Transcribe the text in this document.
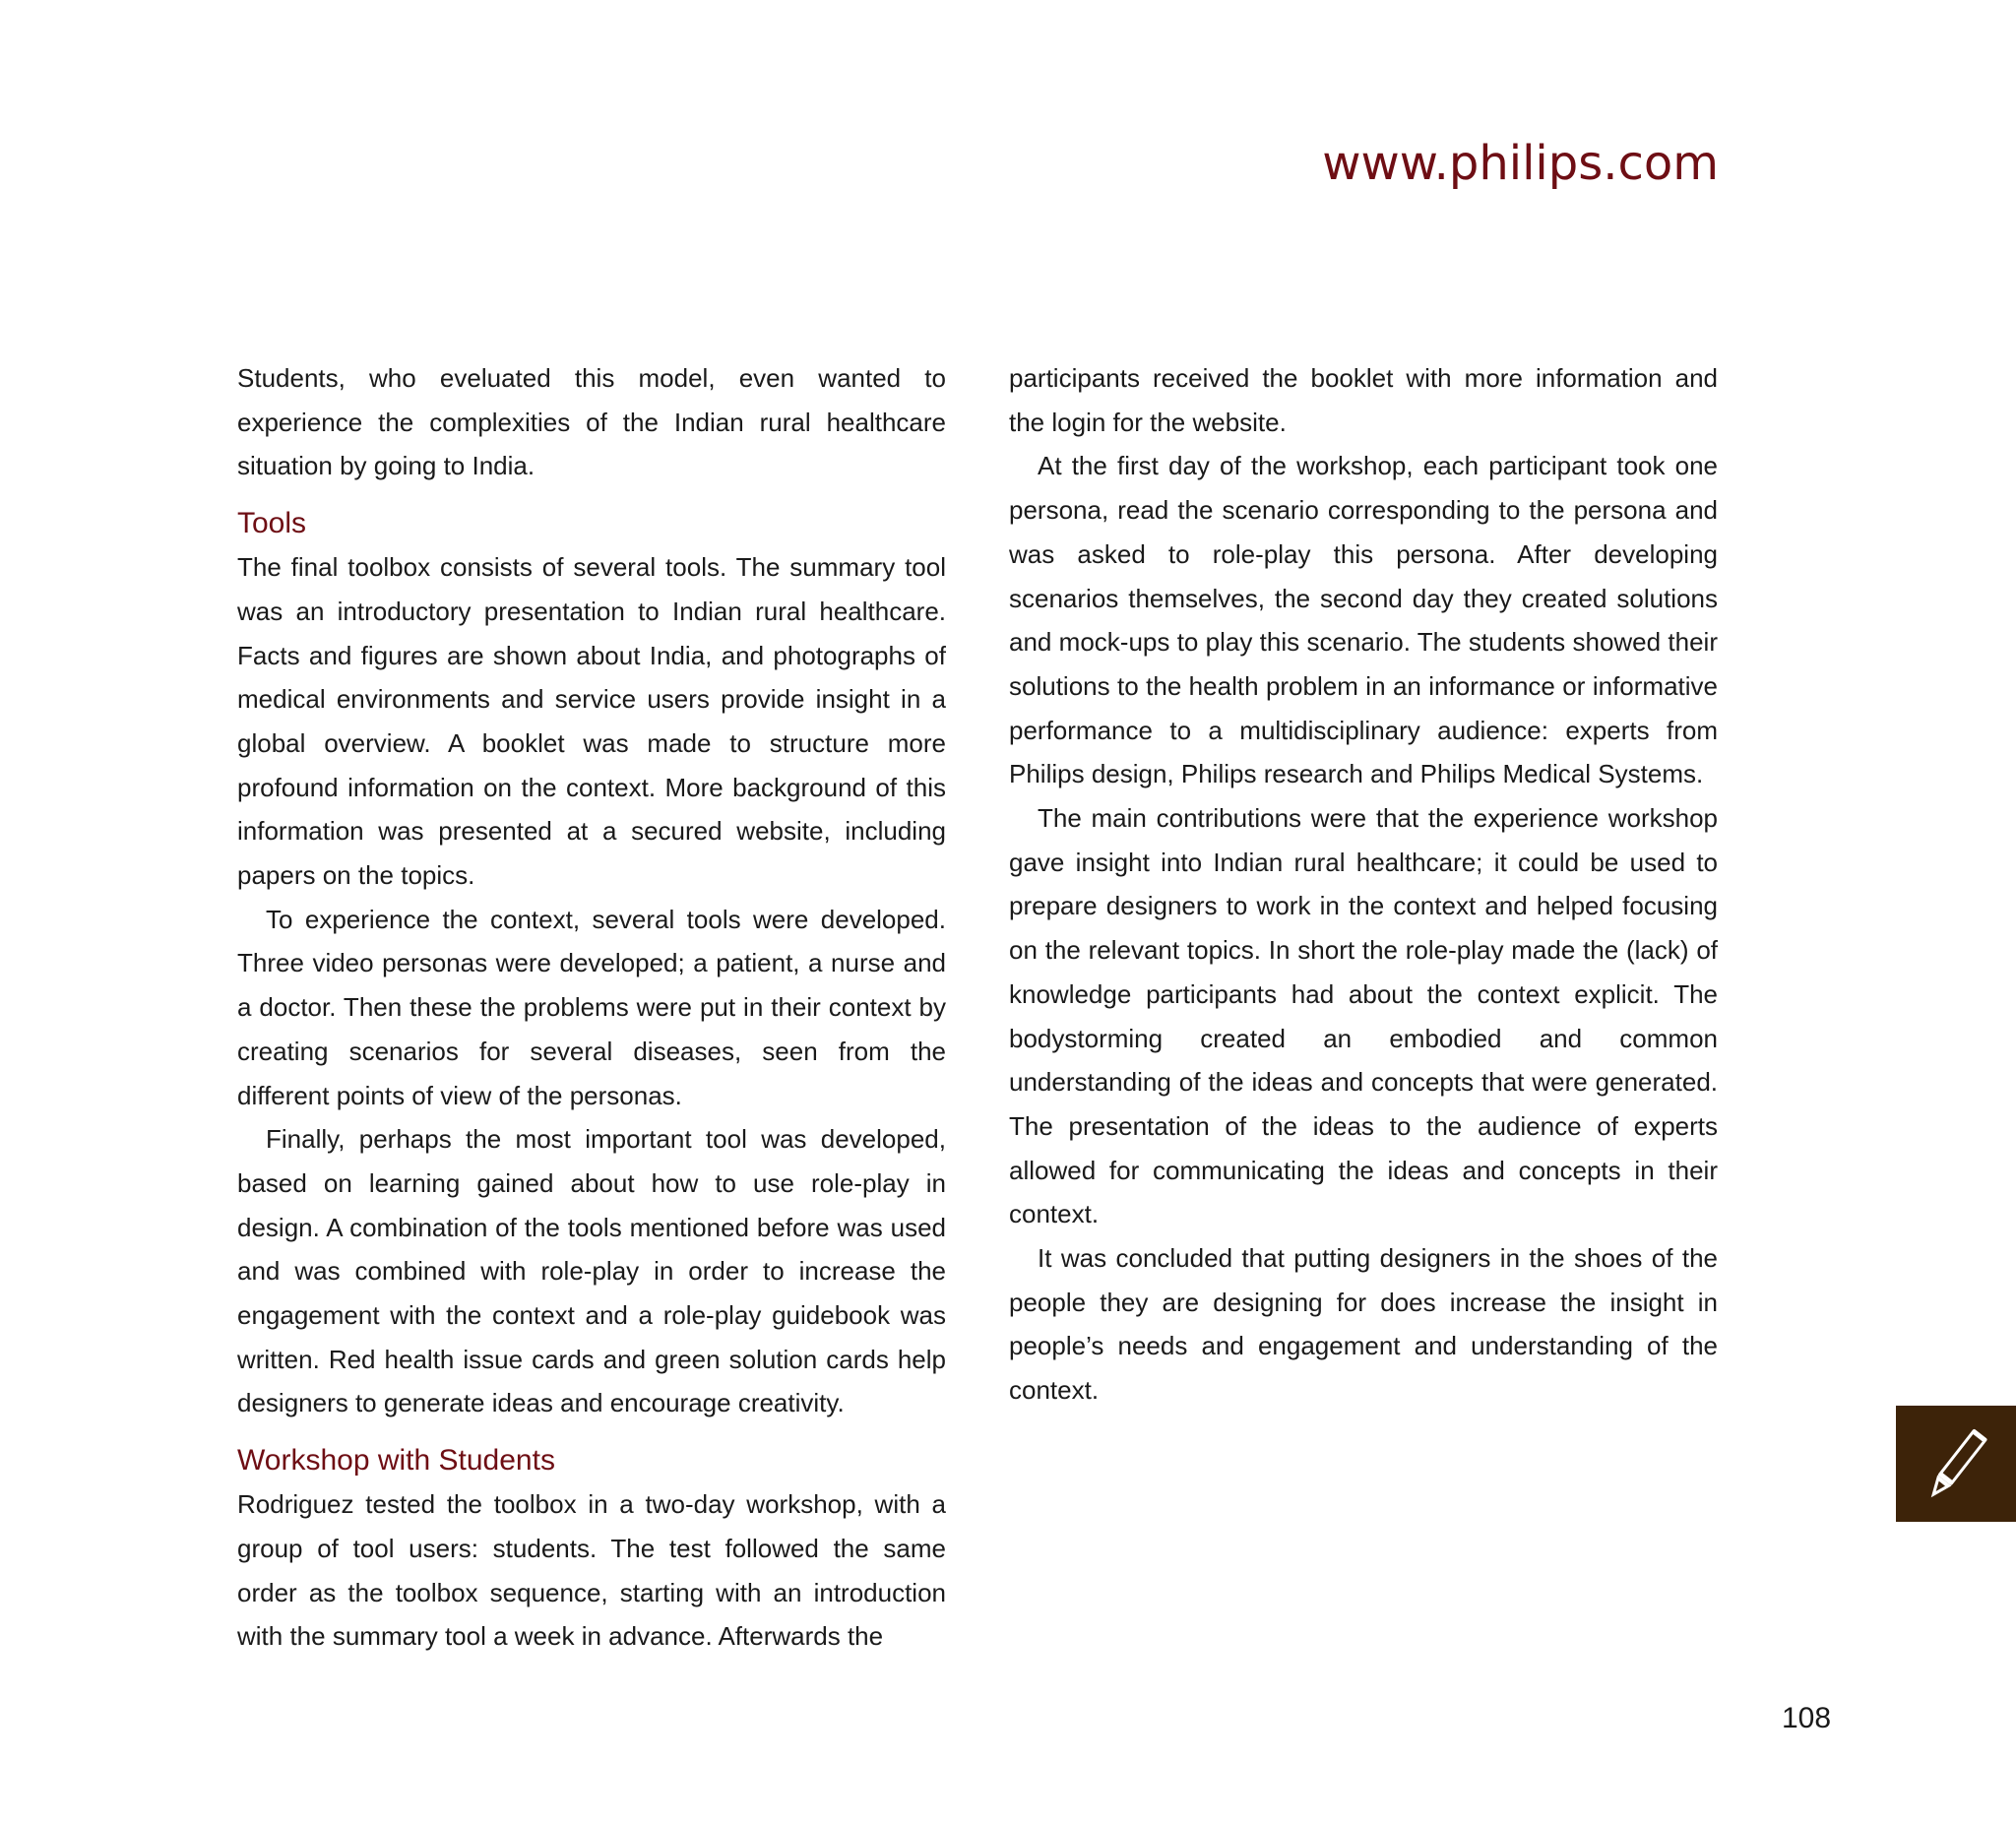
www.philips.com

Students, who eveluated this model, even wanted to experience the complexities of the Indian rural healthcare situation by going to India.

Tools

The final toolbox consists of several tools. The summary tool was an introductory presentation to Indian rural healthcare. Facts and figures are shown about India, and photographs of medical environments and service users provide insight in a global overview. A booklet was made to structure more profound information on the context. More background of this information was presented at a secured website, including papers on the topics.

To experience the context, several tools were developed. Three video personas were developed; a patient, a nurse and a doctor. Then these the problems were put in their context by creating scenarios for several diseases, seen from the different points of view of the personas.

Finally, perhaps the most important tool was developed, based on learning gained about how to use role-play in design. A combination of the tools mentioned before was used and was combined with role-play in order to increase the engagement with the context and a role-play guidebook was written. Red health issue cards and green solution cards help designers to generate ideas and encourage creativity.

Workshop with Students

Rodriguez tested the toolbox in a two-day workshop, with a group of tool users: students. The test followed the same order as the toolbox sequence, starting with an introduction with the summary tool a week in advance. Afterwards the

participants received the booklet with more information and the login for the website.

At the first day of the workshop, each participant took one persona, read the scenario corresponding to the persona and was asked to role-play this persona. After developing scenarios themselves, the second day they created solutions and mock-ups to play this scenario. The students showed their solutions to the health problem in an informance or informative performance to a multidisciplinary audience: experts from Philips design, Philips research and Philips Medical Systems.

The main contributions were that the experience workshop gave insight into Indian rural healthcare; it could be used to prepare designers to work in the context and helped focusing on the relevant topics. In short the role-play made the (lack) of knowledge participants had about the context explicit. The bodystorming created an embodied and common understanding of the ideas and concepts that were generated. The presentation of the ideas to the audience of experts allowed for communicating the ideas and concepts in their context.

It was concluded that putting designers in the shoes of the people they are designing for does increase the insight in people’s needs and engagement and understanding of the context.

108
